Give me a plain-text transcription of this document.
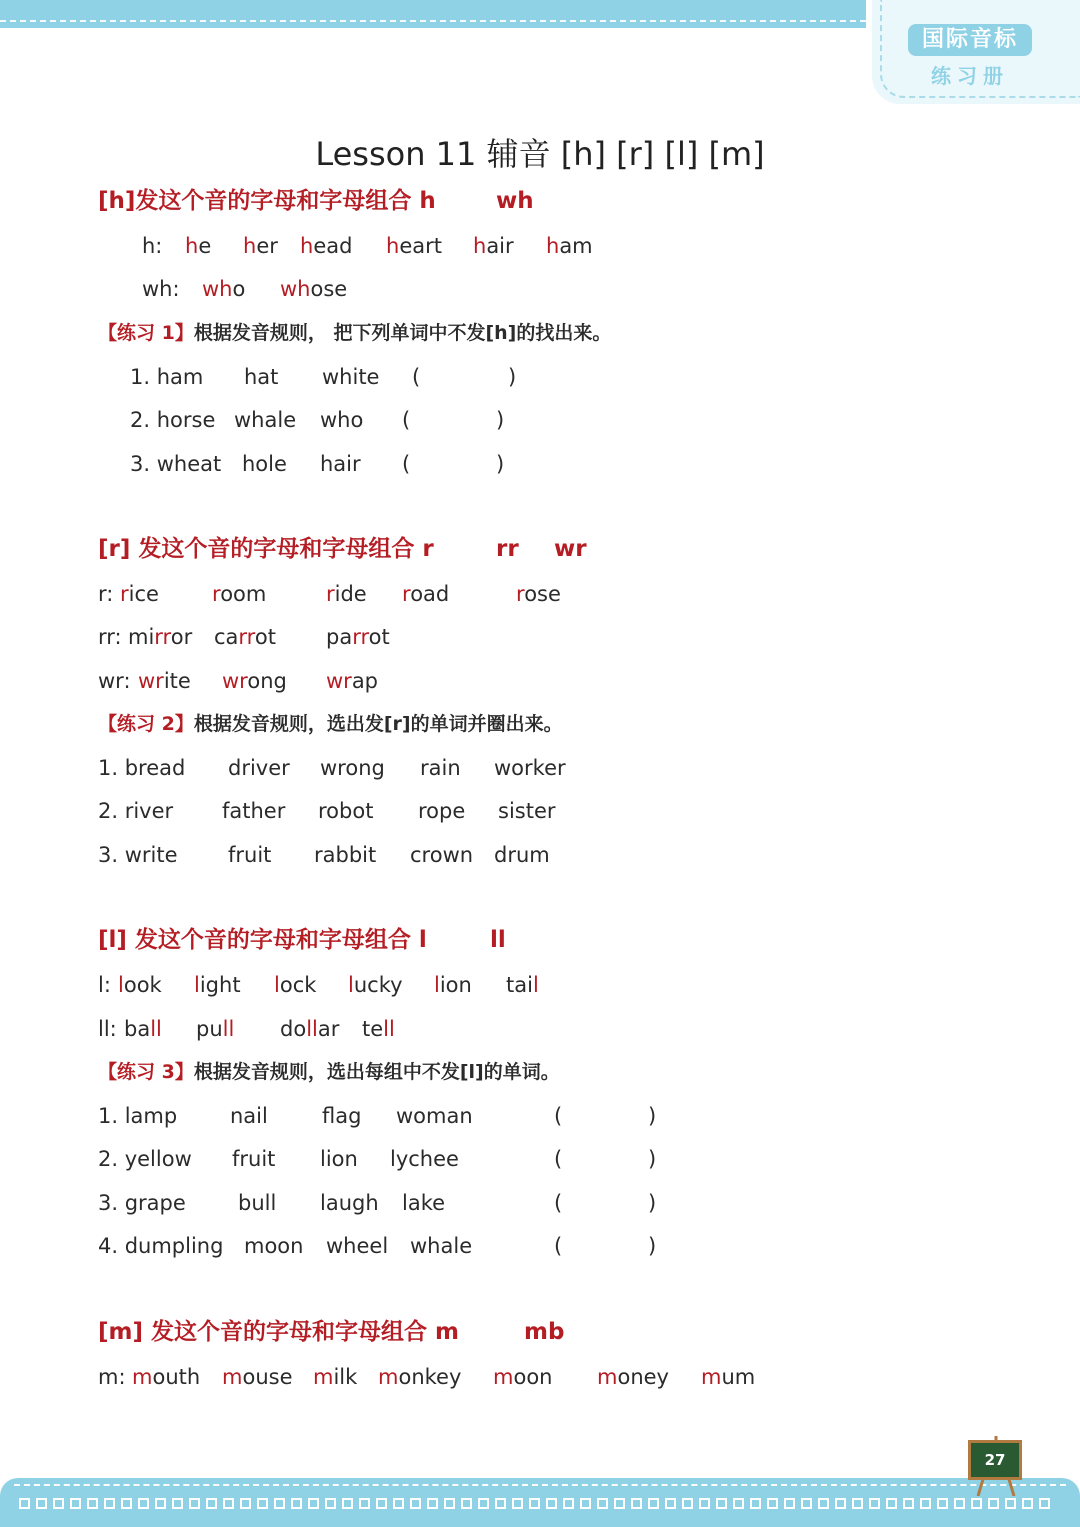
国际音标
练习册
Lesson 11 辅音 [h] [r] [l] [m]
[h]发这个音的字母和字母组合 h	wh
h: he her head heart hair ham
wh: who whose
【练习 1】根据发音规则， 把下列单词中不发[h]的找出来。
1. ham hat white (	)
2. horse whale who (	)
3. wheat hole hair (	)
[r] 发这个音的字母和字母组合 r	rr wr
r: rice	room	ride road	rose
rr: mirror carrot parrot
wr: write wrong wrap
【练习 2】根据发音规则，选出发[r]的单词并圈出来。
1. bread driver wrong rain worker
2. river father robot rope sister
3. write fruit rabbit crown drum
[l] 发这个音的字母和字母组合 l	ll
l: look light lock lucky lion tail
ll: ball pull dollar tell
【练习 3】根据发音规则，选出每组中不发[l]的单词。
1. lamp	nail	flag woman	(	)
2. yellow fruit lion lychee	(	)
3. grape bull laugh lake	(	)
4. dumpling moon wheel whale	(	)
[m] 发这个音的字母和字母组合 m	mb
m: mouth mouse milk monkey moon money mum
27
